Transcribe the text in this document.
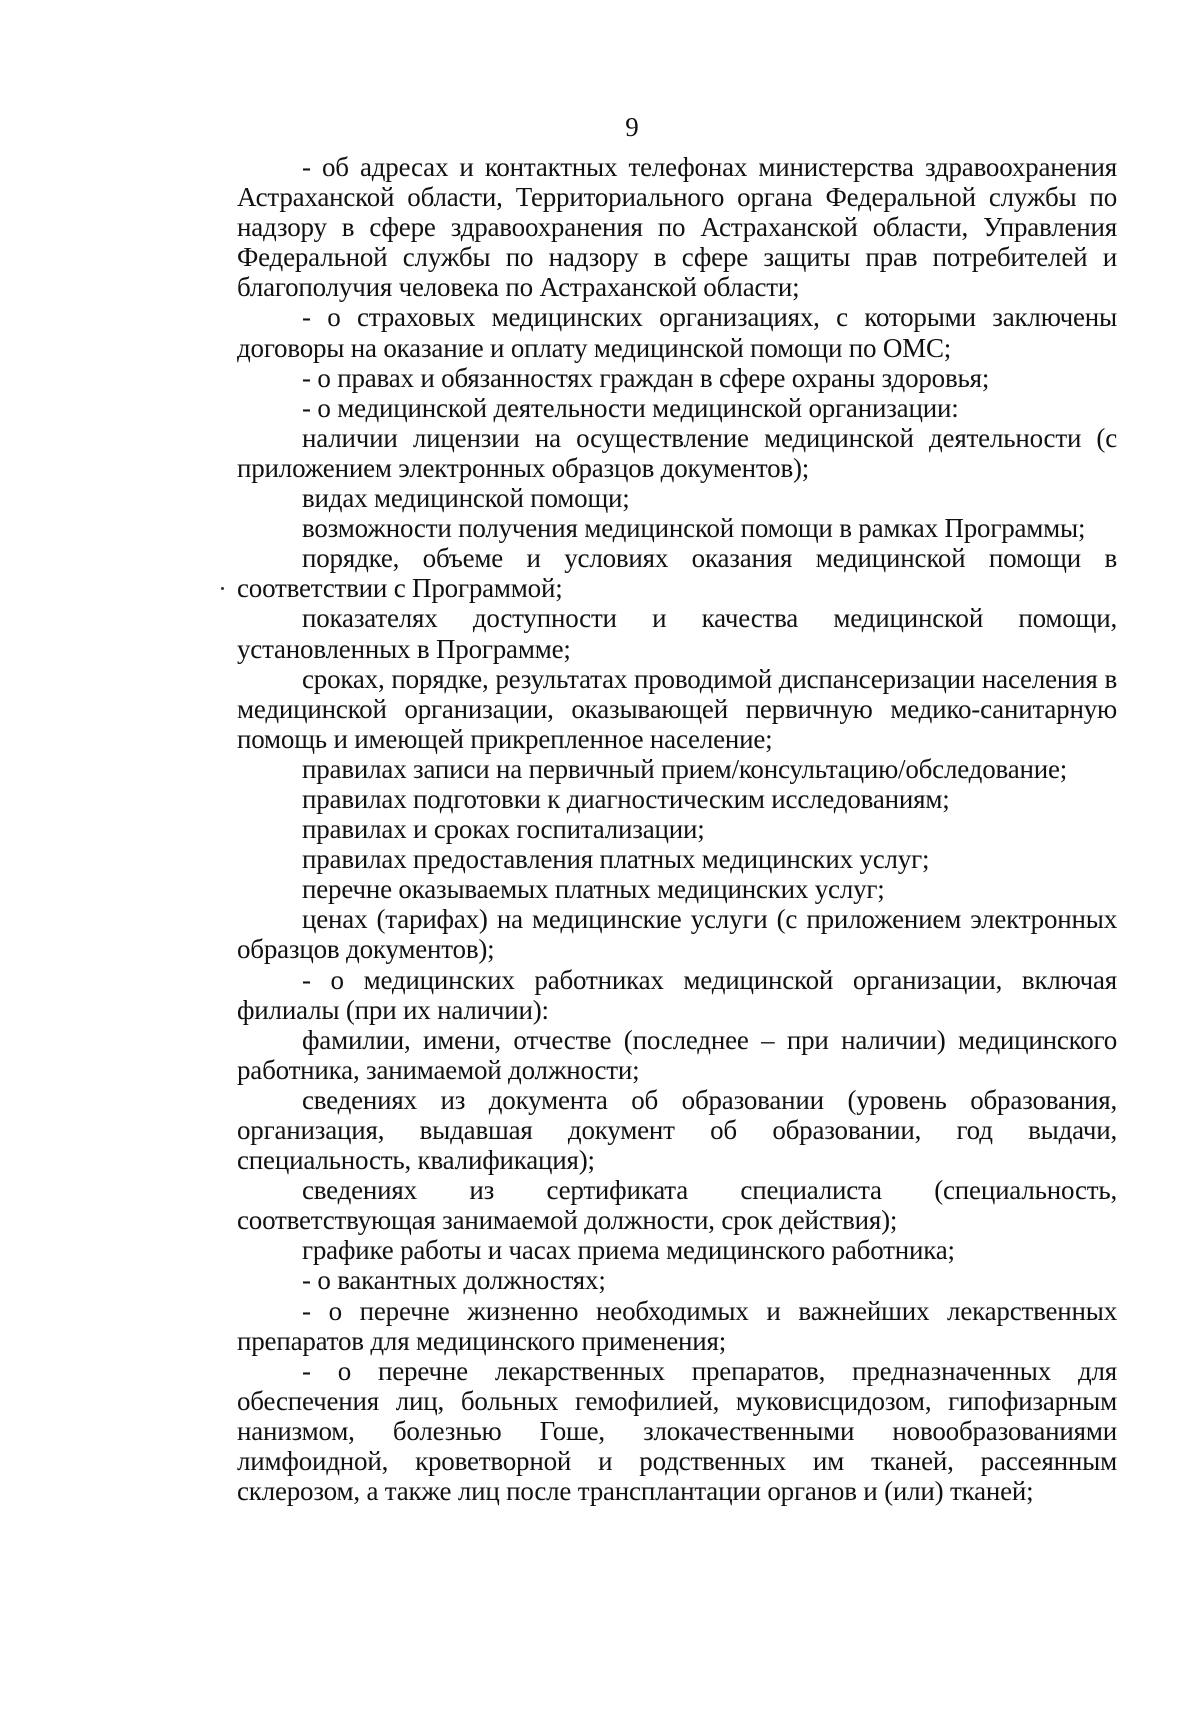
9

- об адресах и контактных телефонах министерства здравоохранения Астраханской области, Территориального органа Федеральной службы по надзору в сфере здравоохранения по Астраханской области, Управления Федеральной службы по надзору в сфере защиты прав потребителей и благополучия человека по Астраханской области;

- о страховых медицинских организациях, с которыми заключены договоры на оказание и оплату медицинской помощи по ОМС;

- о правах и обязанностях граждан в сфере охраны здоровья;

- о медицинской деятельности медицинской организации:

наличии лицензии на осуществление медицинской деятельности (с приложением электронных образцов документов);

видах медицинской помощи;

возможности получения медицинской помощи в рамках Программы;

порядке, объеме и условиях оказания медицинской помощи в соответствии с Программой;

показателях доступности и качества медицинской помощи, установленных в Программе;

сроках, порядке, результатах проводимой диспансеризации населения в медицинской организации, оказывающей первичную медико-санитарную помощь и имеющей прикрепленное население;

правилах записи на первичный прием/консультацию/обследование;

правилах подготовки к диагностическим исследованиям;

правилах и сроках госпитализации;

правилах предоставления платных медицинских услуг;

перечне оказываемых платных медицинских услуг;

ценах (тарифах) на медицинские услуги (с приложением электронных образцов документов);

- о медицинских работниках медицинской организации, включая филиалы (при их наличии):

фамилии, имени, отчестве (последнее – при наличии) медицинского работника, занимаемой должности;

сведениях из документа об образовании (уровень образования, организация, выдавшая документ об образовании, год выдачи, специальность, квалификация);

сведениях из сертификата специалиста (специальность, соответствующая занимаемой должности, срок действия);

графике работы и часах приема медицинского работника;

- о вакантных должностях;

- о перечне жизненно необходимых и важнейших лекарственных препаратов для медицинского применения;

- о перечне лекарственных препаратов, предназначенных для обеспечения лиц, больных гемофилией, муковисцидозом, гипофизарным нанизмом, болезнью Гоше, злокачественными новообразованиями лимфоидной, кроветворной и родственных им тканей, рассеянным склерозом, а также лиц после трансплантации органов и (или) тканей;
